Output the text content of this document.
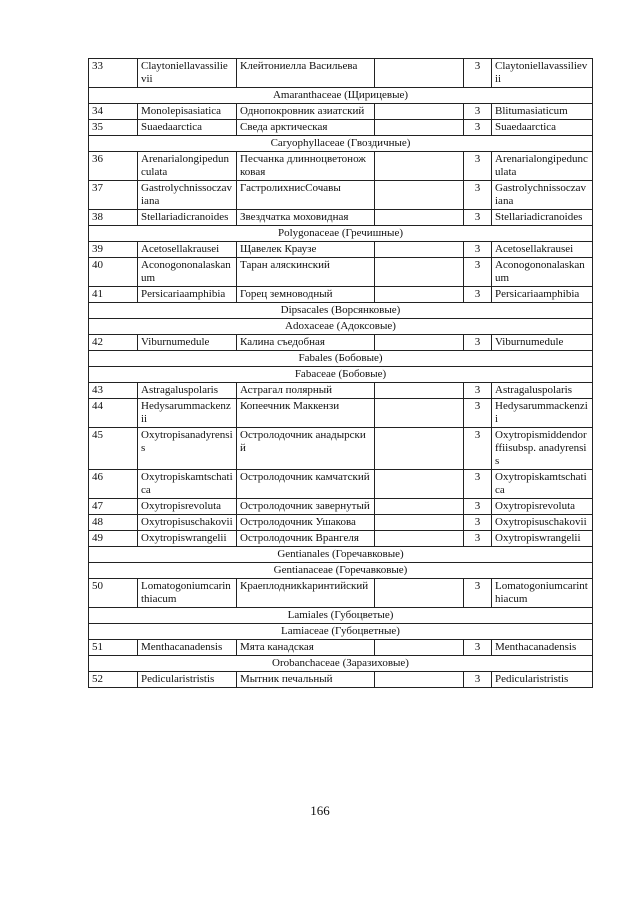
33	Claytoniellavassilievii	Клейтониелла Васильева		3	Claytoniellavassilievii
Amaranthaceae (Щирицевые)					
34	Monolepisasiatica	Однопокровник азиатский		3	Blitumasiaticum
35	Suaedaarctica	Сведа арктическая		3	Suaedaarctica
Caryophyllaceae (Гвоздичные)					
36	Arenarialongipedunculata	Песчанка длинноцветоножковая		3	Arenarialongipedunculata
37	Gastrolychnissoczaviana	ГастролихнисСочавы		3	Gastrolychnissoczaviana
38	Stellariadicranoides	Звездчатка моховидная		3	Stellariadicranoides
Polygonaceae (Гречишные)					
39	Acetosellakrausei	Щавелек Краузе		3	Acetosellakrausei
40	Aconogononalaskanum	Таран аляскинский		3	Aconogononalaskanum
41	Persicariaamphibia	Горец земноводный		3	Persicariaamphibia
Dipsacales (Ворсянковые)					
Adoxaceae (Адоксовые)					
42	Viburnumedule	Калина съедобная		3	Viburnumedule
Fabales (Бобовые)					
Fabaceae (Бобовые)					
43	Astragaluspolaris	Астрагал полярный		3	Astragaluspolaris
44	Hedysarummackenzii	Копеечник Маккензи		3	Hedysarummackenzii
45	Oxytropisanadyrensis	Остролодочник анадырский		3	Oxytropismiddendorffiisubsp. anadyrensis
46	Oxytropiskamtschatica	Остролодочник камчатский		3	Oxytropiskamtschatica
47	Oxytropisrevoluta	Остролодочник завернутый		3	Oxytropisrevoluta
48	Oxytropisuschakovii	Остролодочник Ушакова		3	Oxytropisuschakovii
49	Oxytropiswrangelii	Остролодочник Врангеля		3	Oxytropiswrangelii
Gentianales (Горечавковые)					
Gentianaceae (Горечавковые)					
50	Lomatogoniumcarinthiacum	Краеплодникkаринтийский		3	Lomatogoniumcarinthiacum
Lamiales (Губоцветые)					
Lamiaceae (Губоцветные)					
51	Menthacanadensis	Мята канадская		3	Menthacanadensis
Orobanchaceae (Заразиховые)					
52	Pedicularistristis	Мытник печальный		3	Pedicularistristis
166
